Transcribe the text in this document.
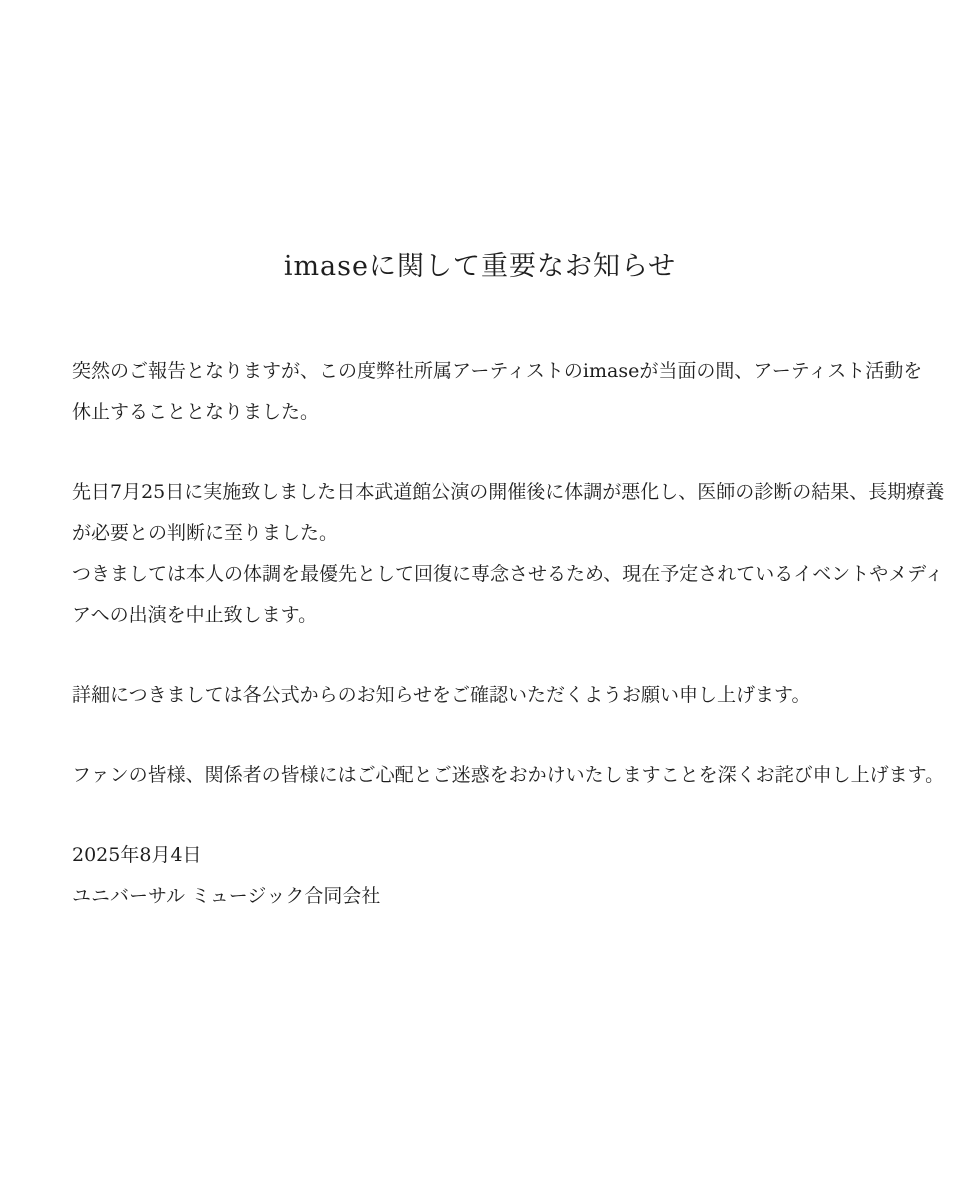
imaseに関して重要なお知らせ

突然のご報告となりますが、この度弊社所属アーティストのimaseが当面の間、アーティスト活動を
休止することとなりました。

先日7月25日に実施致しました日本武道館公演の開催後に体調が悪化し、医師の診断の結果、長期療養
が必要との判断に至りました。
つきましては本人の体調を最優先として回復に専念させるため、現在予定されているイベントやメディ
アへの出演を中止致します。

詳細につきましては各公式からのお知らせをご確認いただくようお願い申し上げます。

ファンの皆様、関係者の皆様にはご心配とご迷惑をおかけいたしますことを深くお詫び申し上げます。

2025年8月4日
ユニバーサル ミュージック合同会社
